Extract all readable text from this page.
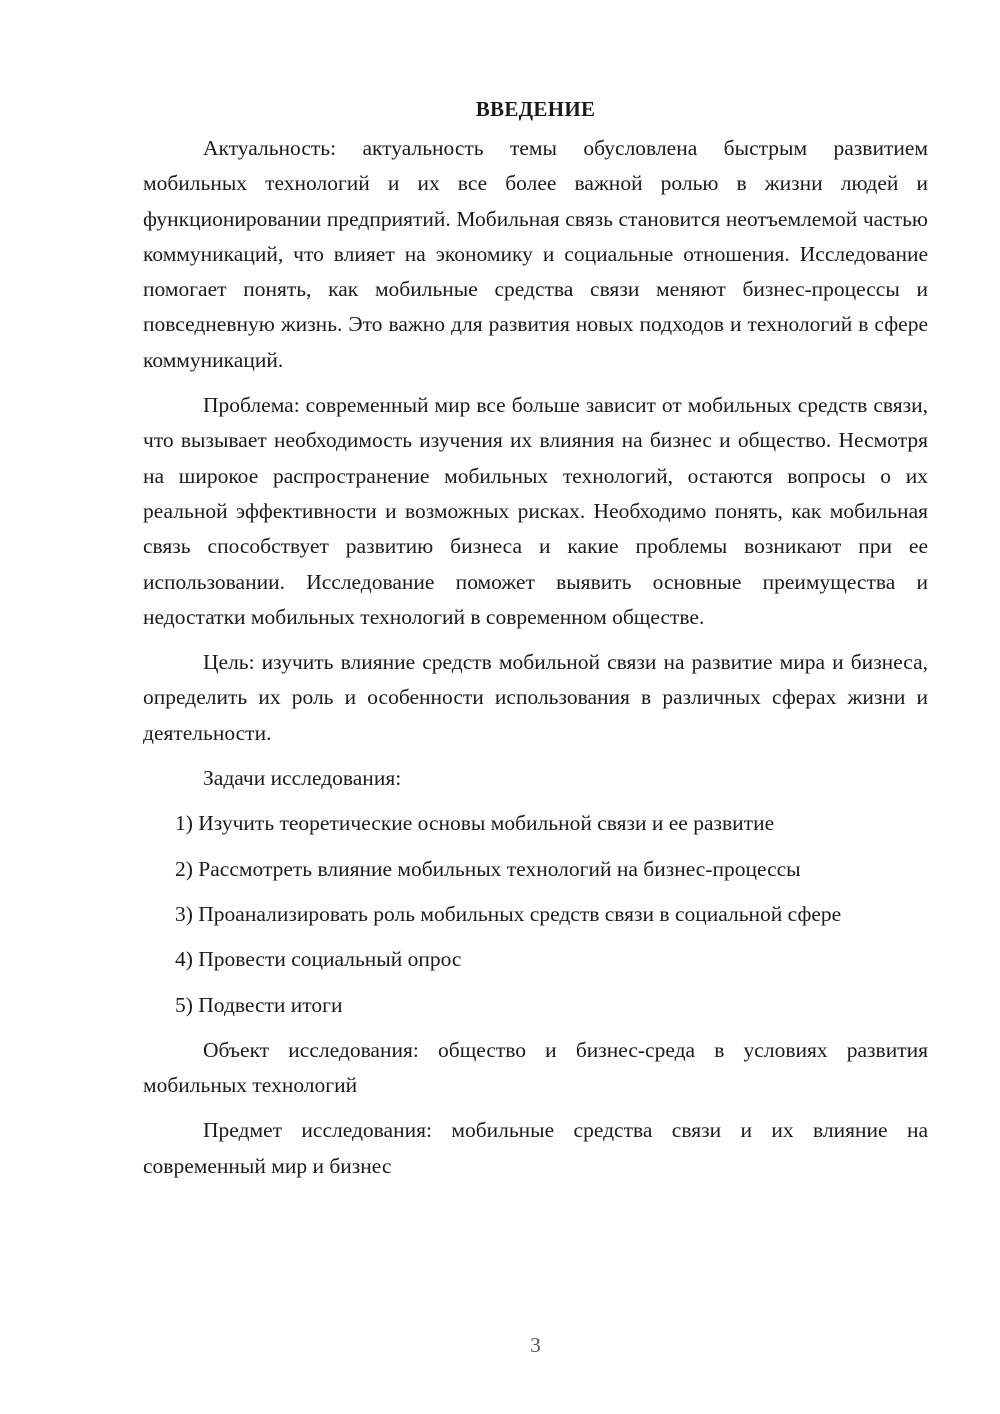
ВВЕДЕНИЕ

Актуальность: актуальность темы обусловлена быстрым развитием мобильных технологий и их все более важной ролью в жизни людей и функционировании предприятий. Мобильная связь становится неотъемлемой частью коммуникаций, что влияет на экономику и социальные отношения. Исследование помогает понять, как мобильные средства связи меняют бизнес-процессы и повседневную жизнь. Это важно для развития новых подходов и технологий в сфере коммуникаций.

Проблема: современный мир все больше зависит от мобильных средств связи, что вызывает необходимость изучения их влияния на бизнес и общество. Несмотря на широкое распространение мобильных технологий, остаются вопросы о их реальной эффективности и возможных рисках. Необходимо понять, как мобильная связь способствует развитию бизнеса и какие проблемы возникают при ее использовании. Исследование поможет выявить основные преимущества и недостатки мобильных технологий в современном обществе.

Цель: изучить влияние средств мобильной связи на развитие мира и бизнеса, определить их роль и особенности использования в различных сферах жизни и деятельности.

Задачи исследования:

1) Изучить теоретические основы мобильной связи и ее развитие

2) Рассмотреть влияние мобильных технологий на бизнес-процессы

3) Проанализировать роль мобильных средств связи в социальной сфере

4) Провести социальный опрос

5) Подвести итоги

Объект исследования: общество и бизнес-среда в условиях развития мобильных технологий

Предмет исследования: мобильные средства связи и их влияние на современный мир и бизнес

3
